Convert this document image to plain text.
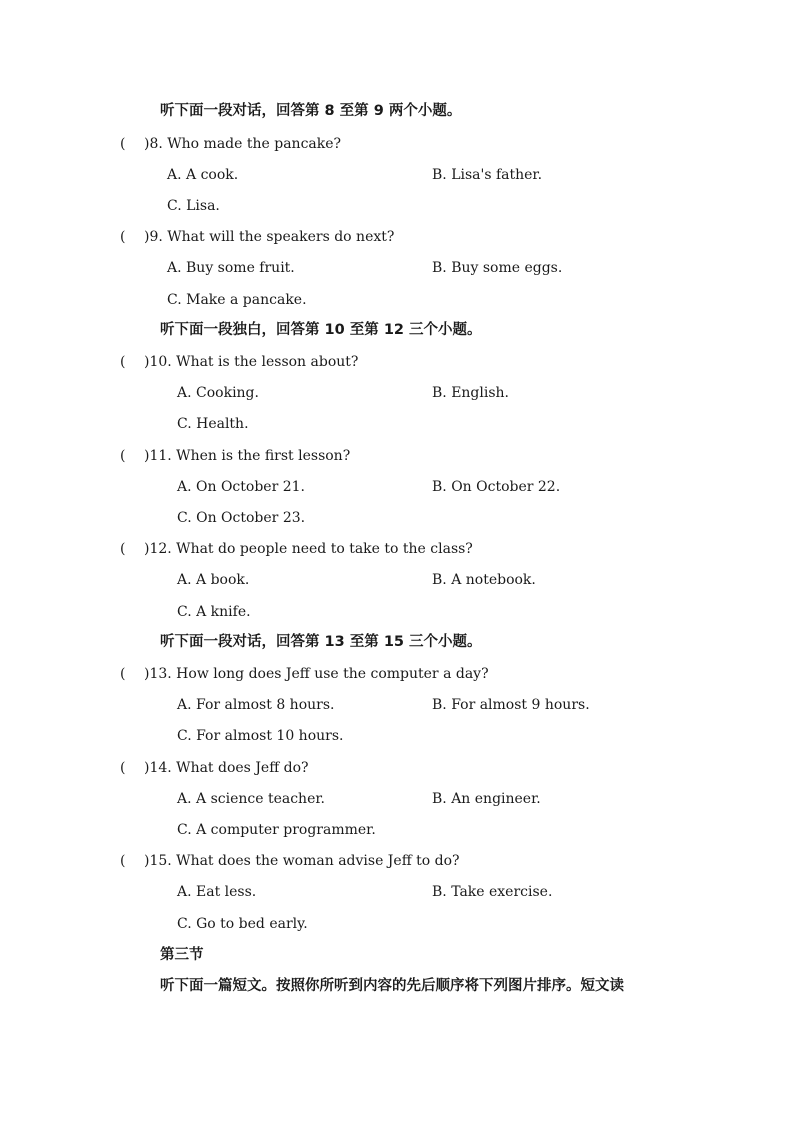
听下面一段对话，回答第 8 至第 9 两个小题。
( )8. Who made the pancake?
A. A cook.	B. Lisa's father.
C. Lisa.
( )9. What will the speakers do next?
A. Buy some fruit.	B. Buy some eggs.
C. Make a pancake.
听下面一段独白，回答第 10 至第 12 三个小题。
( )10. What is the lesson about?
A. Cooking.	B. English.
C. Health.
( )11. When is the first lesson?
A. On October 21.	B. On October 22.
C. On October 23.
( )12. What do people need to take to the class?
A. A book.	B. A notebook.
C. A knife.
听下面一段对话，回答第 13 至第 15 三个小题。
( )13. How long does Jeff use the computer a day?
A. For almost 8 hours.	B. For almost 9 hours.
C. For almost 10 hours.
( )14. What does Jeff do?
A. A science teacher.	B. An engineer.
C. A computer programmer.
( )15. What does the woman advise Jeff to do?
A. Eat less.	B. Take exercise.
C. Go to bed early.
第三节
听下面一篇短文。按照你所听到内容的先后顺序将下列图片排序。短文读
